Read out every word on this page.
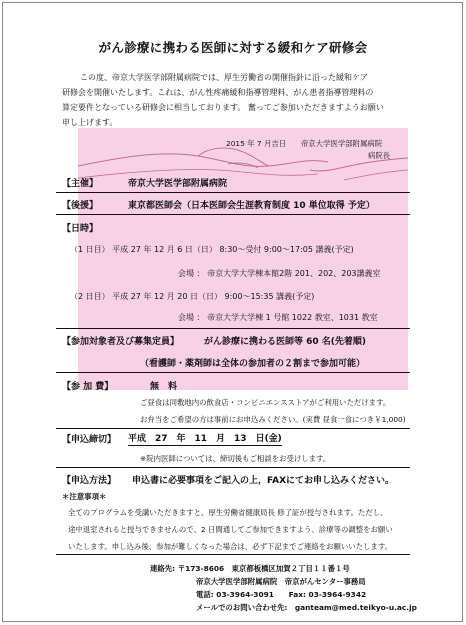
がん診療に携わる医師に対する緩和ケア研修会
この度、帝京大学医学部附属病院では、厚生労働省の開催指針に沿った緩和ケア
研修会を開催いたします。これは、がん性疼痛緩和指導管理料、がん患者指導管理料の
算定要件となっている研修会に相当しております。 奮ってご参加いただきますようお願い
申し上げます。
2015 年 7 月吉日　　帝京大学医学部附属病院
病院長
【主催】	帝京大学医学部附属病院
【後援】	東京都医師会（日本医師会生涯教育制度 10 単位取得 予定）
【日時】
（1 日目） 平成 27 年 12 月 6 日（日） 8:30～受付 9:00～17:05 講義(予定)
会場 ： 帝京大学大学棟本館2階 201、202、203講義室
（2 日目） 平成 27 年 12 月 20 日（日） 9:00～15:35 講義(予定)
会場 ： 帝京大学大学棟 1 号館 1022 教室、1031 教室
【参加対象者及び募集定員】	がん診療に携わる医師等 60 名(先着順)
（看護師・薬剤師は全体の参加者の２割まで参加可能）
【参 加 費】	無　料
ご昼食は同敷地内の飲食店・コンビニエンスストアがご利用いただけます。
お弁当をご希望の方は事前にお申込みください。(実費 昼食一食につき￥1,000)
【申込締切】 平成　27　年　11　月　13　日(金)
※院内医師については、締切後もご相談をお受けします。
【申込方法】 申込書に必要事項をご記入の上，FAXにてお申し込みください。
＊注意事項＊
全てのプログラムを受講いただきますと、厚生労働省健康局長 修了証が授与されます。ただし、
途中退室されると授与できませんので、2 日間通してご参加できますよう、診療等の調整をお願い
いたします。申し込み後、参加が難しくなった場合は、必ず下記までご連絡をお願いいたします。
連絡先: 〒173-8606　東京都板橋区加賀２丁目１１番１号
帝京大学医学部附属病院　帝京がんセンター事務局
電話: 03-3964-3091　　Fax: 03-3964-9342
メールでのお問い合わせ先:　ganteam@med.teikyo-u.ac.jp
